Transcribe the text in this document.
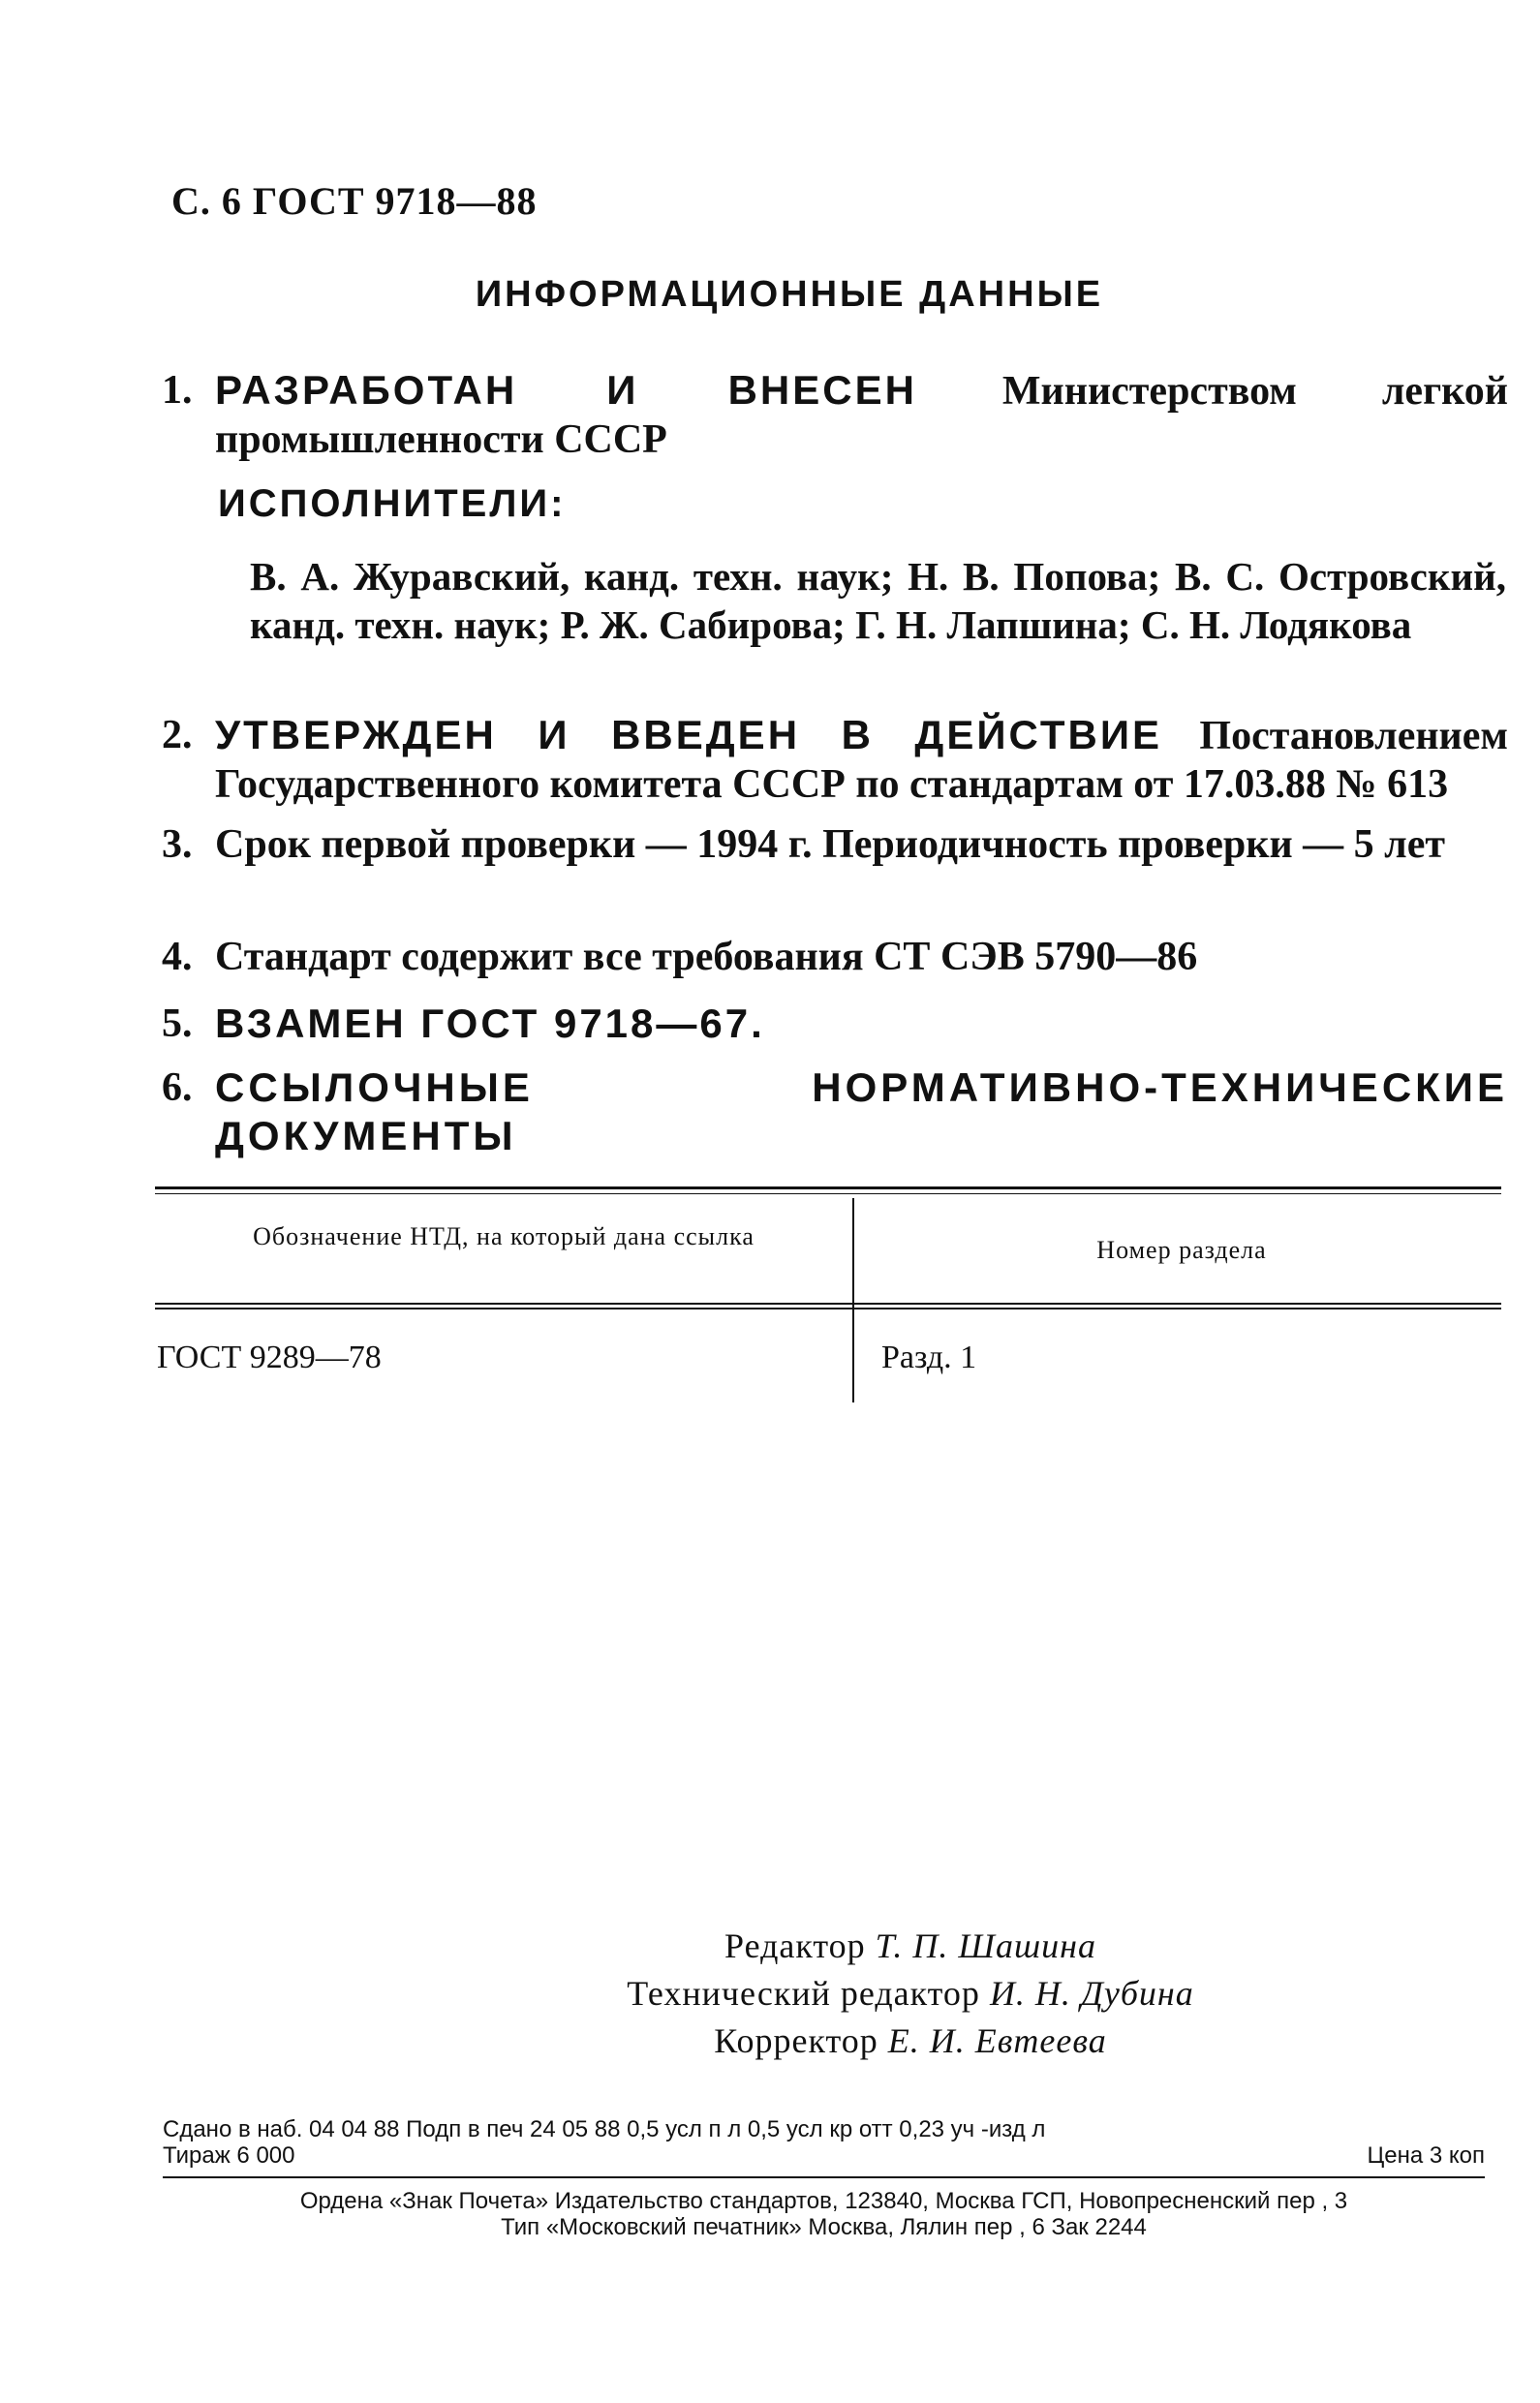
С. 6 ГОСТ 9718—88
ИНФОРМАЦИОННЫЕ ДАННЫЕ
1. РАЗРАБОТАН И ВНЕСЕН Министерством легкой промышленности СССР
ИСПОЛНИТЕЛИ:
В. А. Журавский, канд. техн. наук; Н. В. Попова; В. С. Островский, канд. техн. наук; Р. Ж. Сабирова; Г. Н. Лапшина; С. Н. Лодякова
2. УТВЕРЖДЕН И ВВЕДЕН В ДЕЙСТВИЕ Постановлением Государственного комитета СССР по стандартам от 17.03.88 № 613
3. Срок первой проверки — 1994 г. Периодичность проверки — 5 лет
4. Стандарт содержит все требования СТ СЭВ 5790—86
5. ВЗАМЕН ГОСТ 9718—67.
6. ССЫЛОЧНЫЕ НОРМАТИВНО-ТЕХНИЧЕСКИЕ ДОКУМЕНТЫ
Обозначение НТД, на который дана ссылка	Номер раздела
ГОСТ 9289—78	Разд. 1
Редактор Т. П. Шашина
Технический редактор И. Н. Дубина
Корректор Е. И. Евтеева
Сдано в наб. 04 04 88 Подп в печ 24 05 88 0,5 усл п л 0,5 усл кр отт 0,23 уч -изд л
Тираж 6 000	Цена 3 коп
Ордена «Знак Почета» Издательство стандартов, 123840, Москва ГСП, Новопресненский пер , 3
Тип «Московский печатник» Москва, Лялин пер , 6 Зак 2244
